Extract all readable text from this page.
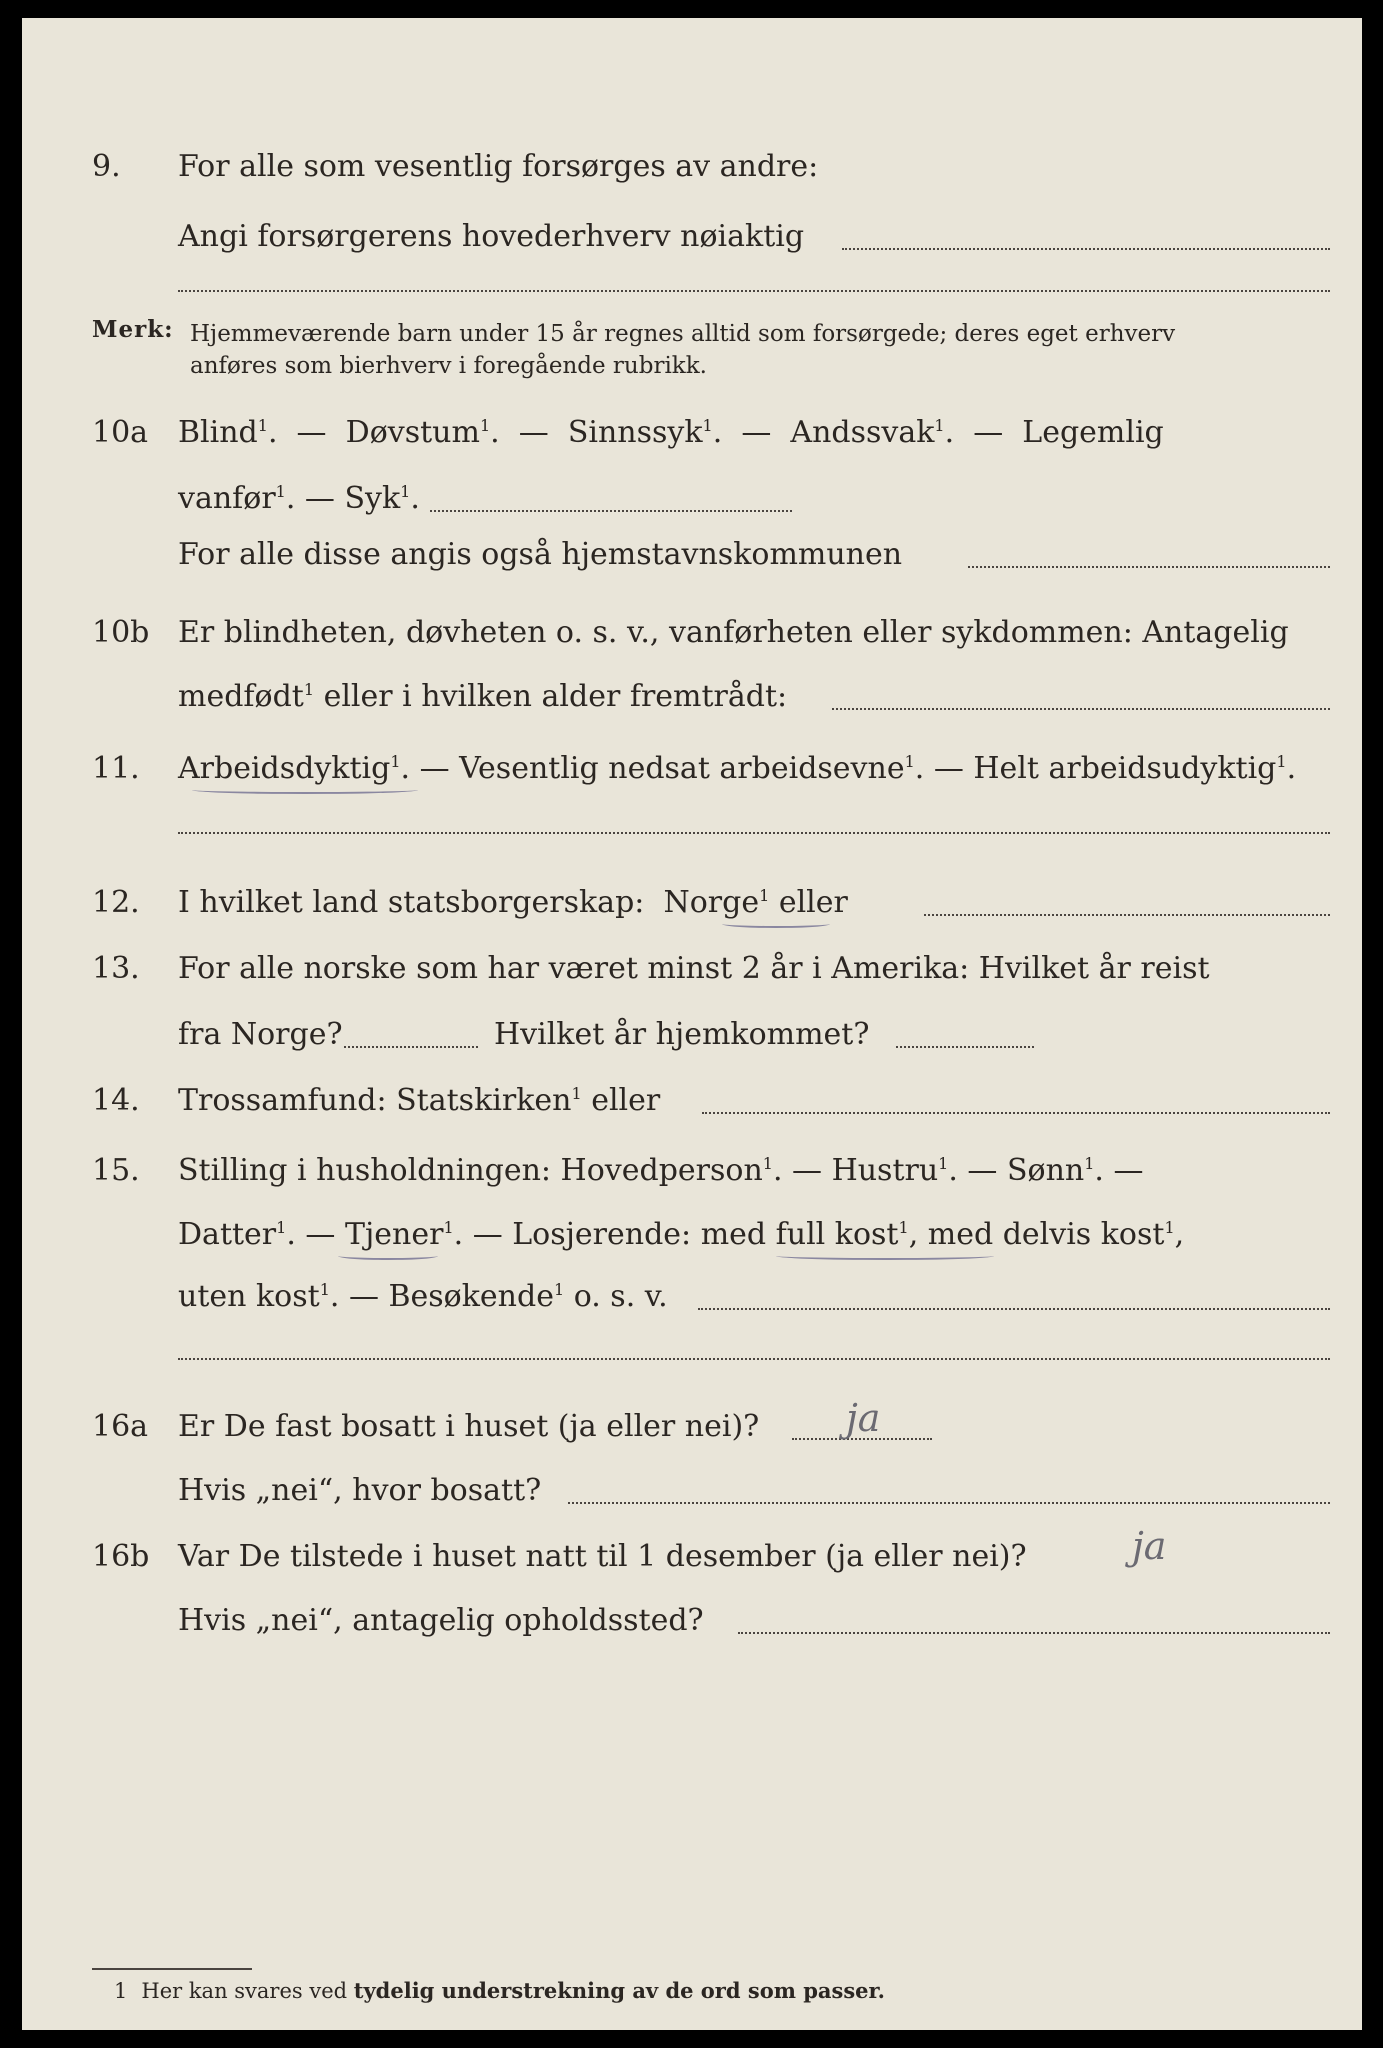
9. For alle som vesentlig forsørges av andre:
Angi forsørgerens hovederhverv nøiaktig
Merk: Hjemmeværende barn under 15 år regnes alltid som forsørgede; deres eget erhverv
anføres som bierhverv i foregående rubrikk.
10a Blind$^1$.  —  Døvstum$^1$.  —  Sinnssyk$^1$.  —  Andssvak$^1$.  —  Legemlig
vanfør$^1$. — Syk$^1$.
For alle disse angis også hjemstavnskommunen
10b Er blindheten, døvheten o. s. v., vanførheten eller sykdommen: Antagelig
medfødt$^1$ eller i hvilken alder fremtrådt:
11. Arbeidsdyktig$^1$. — Vesentlig nedsat arbeidsevne$^1$. — Helt arbeidsudyktig$^1$.
12. I hvilket land statsborgerskap: Norge$^1$ eller
13. For alle norske som har været minst 2 år i Amerika: Hvilket år reist
fra Norge?	Hvilket år hjemkommet?
14. Trossamfund: Statskirken$^1$ eller
15. Stilling i husholdningen: Hovedperson$^1$. — Hustru$^1$. — Sønn$^1$. —
Datter$^1$. — Tjener$^1$. — Losjerende: med full kost$^1$, med delvis kost$^1$,
uten kost$^1$. — Besøkende$^1$ o. s. v.
16a Er De fast bosatt i huset (ja eller nei)? ja
Hvis „nei“, hvor bosatt?
16b Var De tilstede i huset natt til 1 desember (ja eller nei)?	ja
Hvis „nei“, antagelig opholdssted?
1 Her kan svares ved tydelig understrekning av de ord som passer.
